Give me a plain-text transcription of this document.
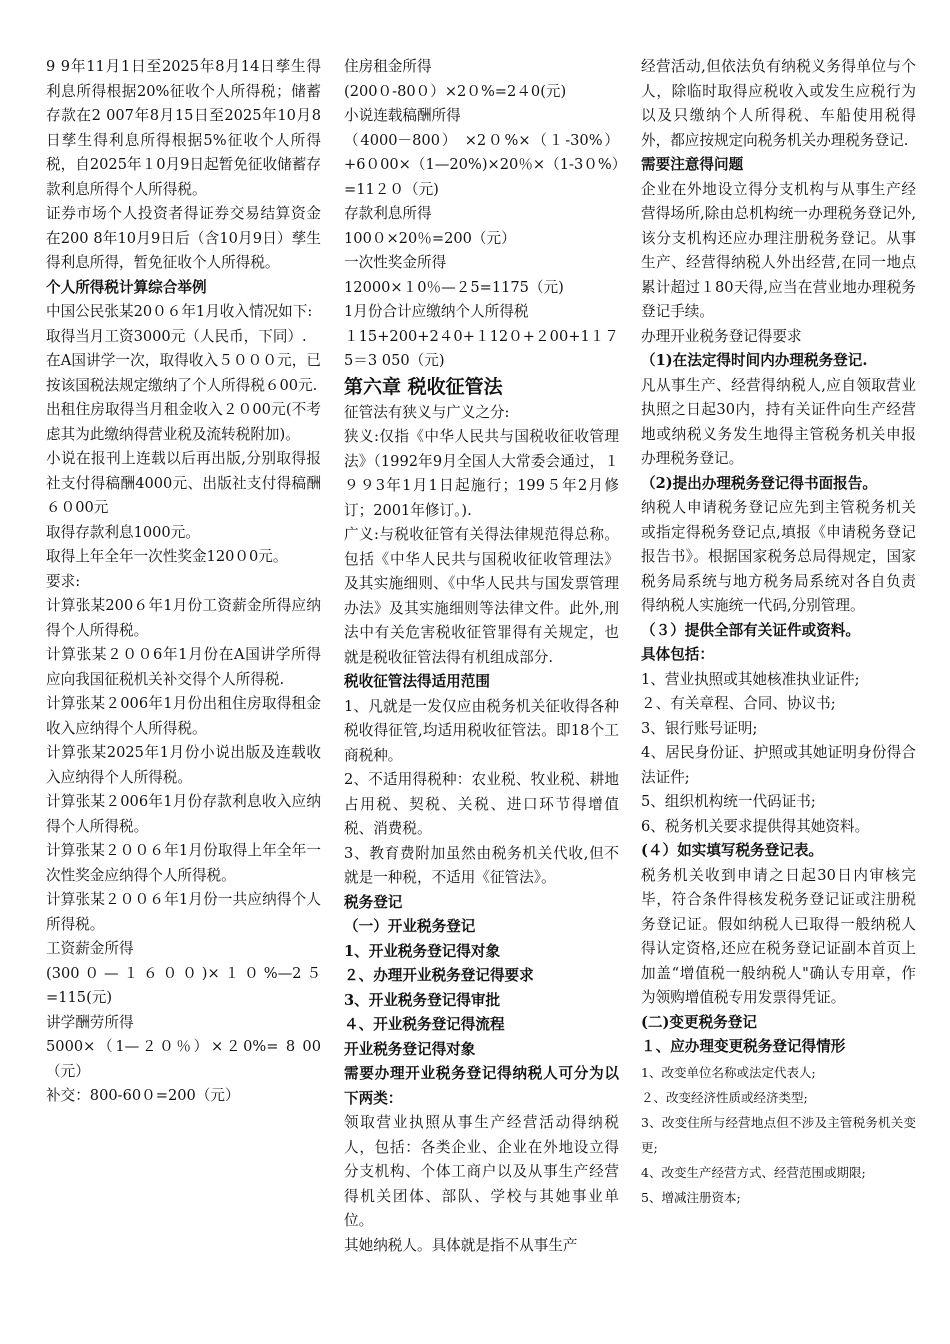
9 9年11月1日至2025年8月14日孳生得利息所得根据20%征收个人所得税；储蓄存款在2 007年8月15日至2025年10月8日孳生得利息所得根据5%征收个人所得税，自2025年１0月9日起暂免征收储蓄存款利息所得个人所得税。

证券市场个人投资者得证券交易结算资金在200 8年10月9日后（含10月9日）孳生得利息所得，暂免征收个人所得税。

个人所得税计算综合举例

中国公民张某20０６年1月收入情况如下:

取得当月工资3000元（人民币，下同）.

在A国讲学一次，取得收入５０００元，已按该国税法规定缴纳了个人所得税６00元.

出租住房取得当月租金收入２０00元(不考虑其为此缴纳得营业税及流转税附加)。

小说在报刊上连载以后再出版,分别取得报社支付得稿酬4000元、出版社支付得稿酬６０00元

取得存款利息1000元。

取得上年全年一次性奖金120０0元。

要求:

计算张某200６年1月份工资薪金所得应纳得个人所得税。

计算张某２００6年1月份在A国讲学所得应向我国征税机关补交得个人所得税.

计算张某２006年1月份出租住房取得租金收入应纳得个人所得税。

计算张某2025年1月份小说出版及连载收入应纳得个人所得税。

计算张某２006年1月份存款利息收入应纳得个人所得税。

计算张某２００６年1月份取得上年全年一次性奖金应纳得个人所得税。

计算张某２００６年1月份一共应纳得个人所得税。

工资薪金所得

(300０—１６００)×１０%—2５=115(元)

讲学酬劳所得

5000×（1—２０％）×２0%= 8 00（元）

补交：800-60０=200（元）

住房租金所得

(200０-80０）×2０%=2４0(元)

小说连载稿酬所得

（4000－800） ×2０%×（１-30%）+6０00×（1—20%)×20％×（1-3０%）=11２０（元)

存款利息所得

100０×20％=200（元）

一次性奖金所得

12000×１0％—２5=1175（元)

1月份合计应缴纳个人所得税

１15+200+2４0+１12０+２00+1１７5＝3 050（元)

第六章 税收征管法

征管法有狭义与广义之分:

狭义:仅指《中华人民共与国税收征收管理法》（1992年9月全国人大常委会通过，１９９3年1月1日起施行；199５年2月修订；2001年修订。).

广义:与税收征管有关得法律规范得总称。包括《中华人民共与国税收征收管理法》及其实施细则、《中华人民共与国发票管理办法》及其实施细则等法律文件。此外,刑法中有关危害税收征管罪得有关规定，也就是税收征管法得有机组成部分.

税收征管法得适用范围

1、凡就是一发仅应由税务机关征收得各种税收得征管,均适用税收征管法。即18个工商税种。

2、不适用得税种：农业税、牧业税、耕地占用税、契税、关税、进口环节得增值税、消费税。

3、教育费附加虽然由税务机关代收,但不就是一种税，不适用《征管法》。

税务登记

（一）开业税务登记

1、开业税务登记得对象

２、办理开业税务登记得要求

3、开业税务登记得审批

４、开业税务登记得流程

开业税务登记得对象

需要办理开业税务登记得纳税人可分为以下两类：

领取营业执照从事生产经营活动得纳税人，包括：各类企业、企业在外地设立得分支机构、个体工商户以及从事生产经营得机关团体、部队、学校与其她事业单位。

其她纳税人。具体就是指不从事生产

经营活动,但依法负有纳税义务得单位与个人，除临时取得应税收入或发生应税行为以及只缴纳个人所得税、车船使用税得外，都应按规定向税务机关办理税务登记.

需要注意得问题

企业在外地设立得分支机构与从事生产经营得场所,除由总机构统一办理税务登记外,该分支机构还应办理注册税务登记。从事生产、经营得纳税人外出经营,在同一地点累计超过１80天得,应当在营业地办理税务登记手续。

办理开业税务登记得要求

（1)在法定得时间内办理税务登记.

凡从事生产、经营得纳税人,应自领取营业执照之日起30内，持有关证件向生产经营地或纳税义务发生地得主管税务机关申报办理税务登记。

（2)提出办理税务登记得书面报告。

纳税人申请税务登记应先到主管税务机关或指定得税务登记点,填报《申请税务登记报告书》。根据国家税务总局得规定，国家税务局系统与地方税务局系统对各自负责得纳税人实施统一代码,分别管理。

（３）提供全部有关证件或资料。

具体包括：

1、营业执照或其她核准执业证件;

２、有关章程、合同、协议书;

3、银行账号证明;

4、居民身份证、护照或其她证明身份得合法证件;

5、组织机构统一代码证书;

6、税务机关要求提供得其她资料。

(４）如实填写税务登记表。

税务机关收到申请之日起30日内审核完毕，符合条件得核发税务登记证或注册税务登记证。假如纳税人已取得一般纳税人得认定资格,还应在税务登记证副本首页上加盖“增值税一般纳税人"确认专用章，作为领购增值税专用发票得凭证。

(二)变更税务登记

１、应办理变更税务登记得情形

1、改变单位名称或法定代表人;

２、改变经济性质或经济类型;

3、改变住所与经营地点但不涉及主管税务机关变更;

4、改变生产经营方式、经营范围或期限;

5、增减注册资本;
